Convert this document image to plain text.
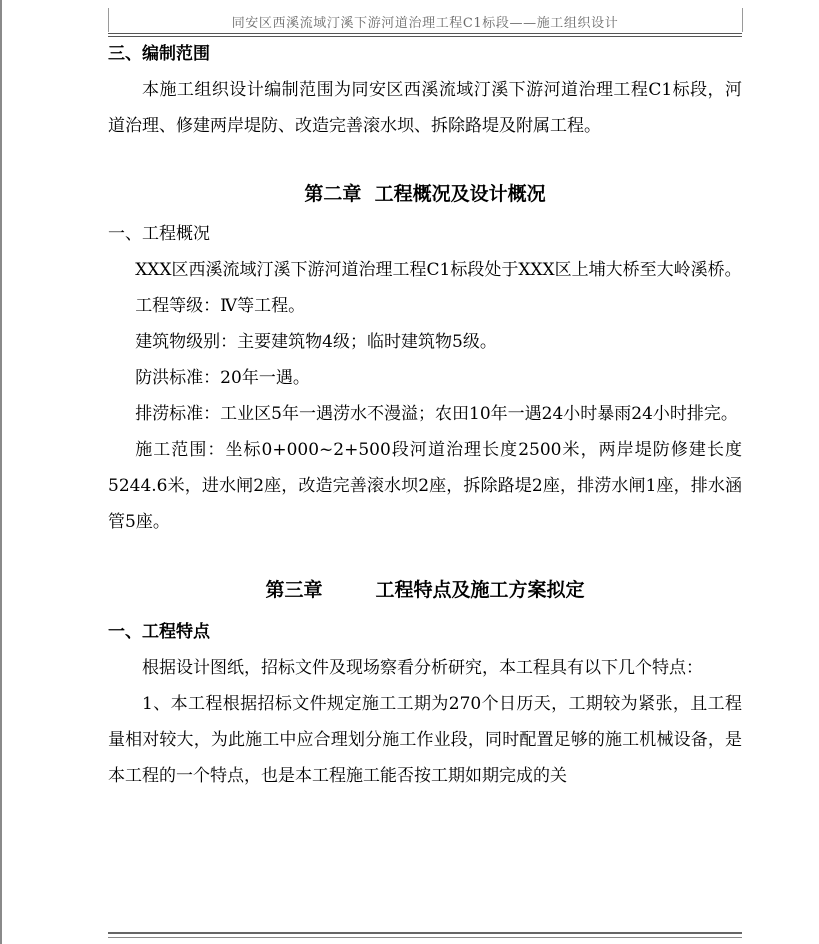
同安区西溪流域汀溪下游河道治理工程C1标段——施工组织设计

三、编制范围

本施工组织设计编制范围为同安区西溪流域汀溪下游河道治理工程C1标段，河道治理、修建两岸堤防、改造完善滚水坝、拆除路堤及附属工程。

第二章  工程概况及设计概况

一、工程概况

XXX区西溪流域汀溪下游河道治理工程C1标段处于XXX区上埔大桥至大岭溪桥。

工程等级：Ⅳ等工程。

建筑物级别：主要建筑物4级；临时建筑物5级。

防洪标准：20年一遇。

排涝标准：工业区5年一遇涝水不漫溢；农田10年一遇24小时暴雨24小时排完。

施工范围：坐标0+000~2+500段河道治理长度2500米，两岸堤防修建长度5244.6米，进水闸2座，改造完善滚水坝2座，拆除路堤2座，排涝水闸1座，排水涵管5座。

第三章        工程特点及施工方案拟定

一、工程特点

根据设计图纸，招标文件及现场察看分析研究，本工程具有以下几个特点：

1、本工程根据招标文件规定施工工期为270个日历天，工期较为紧张，且工程量相对较大，为此施工中应合理划分施工作业段，同时配置足够的施工机械设备，是本工程的一个特点，也是本工程施工能否按工期如期完成的关
